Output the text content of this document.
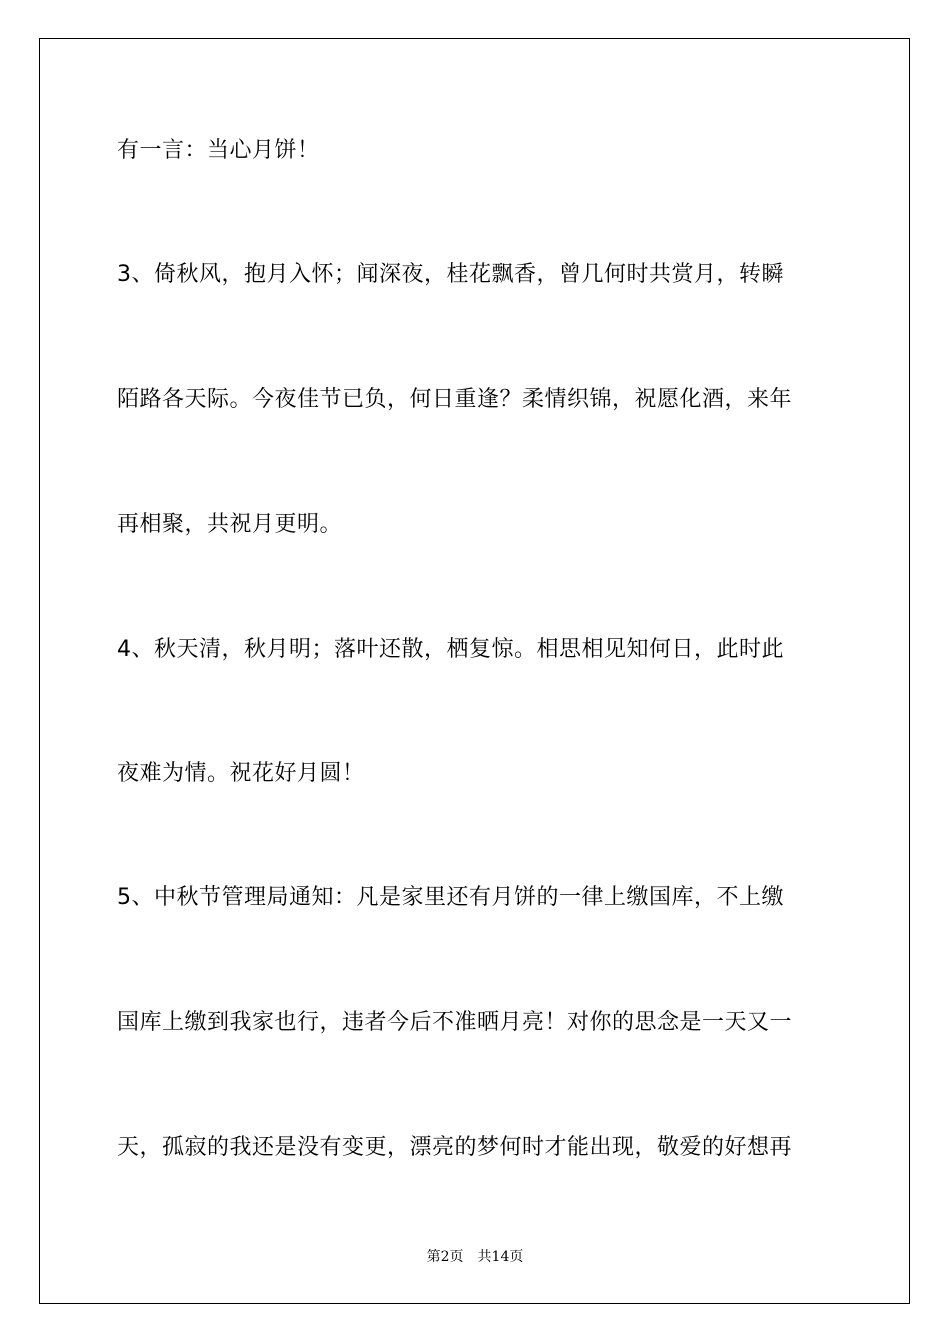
有一言：当心月饼！
3、倚秋风，抱月入怀；闻深夜，桂花飘香，曾几何时共赏月，转瞬
陌路各天际。今夜佳节已负，何日重逢？柔情织锦，祝愿化酒，来年
再相聚，共祝月更明。
4、秋天清，秋月明；落叶还散，栖复惊。相思相见知何日，此时此
夜难为情。祝花好月圆！
5、中秋节管理局通知：凡是家里还有月饼的一律上缴国库，不上缴
国库上缴到我家也行，违者今后不准晒月亮！对你的思念是一天又一
天，孤寂的我还是没有变更，漂亮的梦何时才能出现，敬爱的好想再
第2页 共14页
